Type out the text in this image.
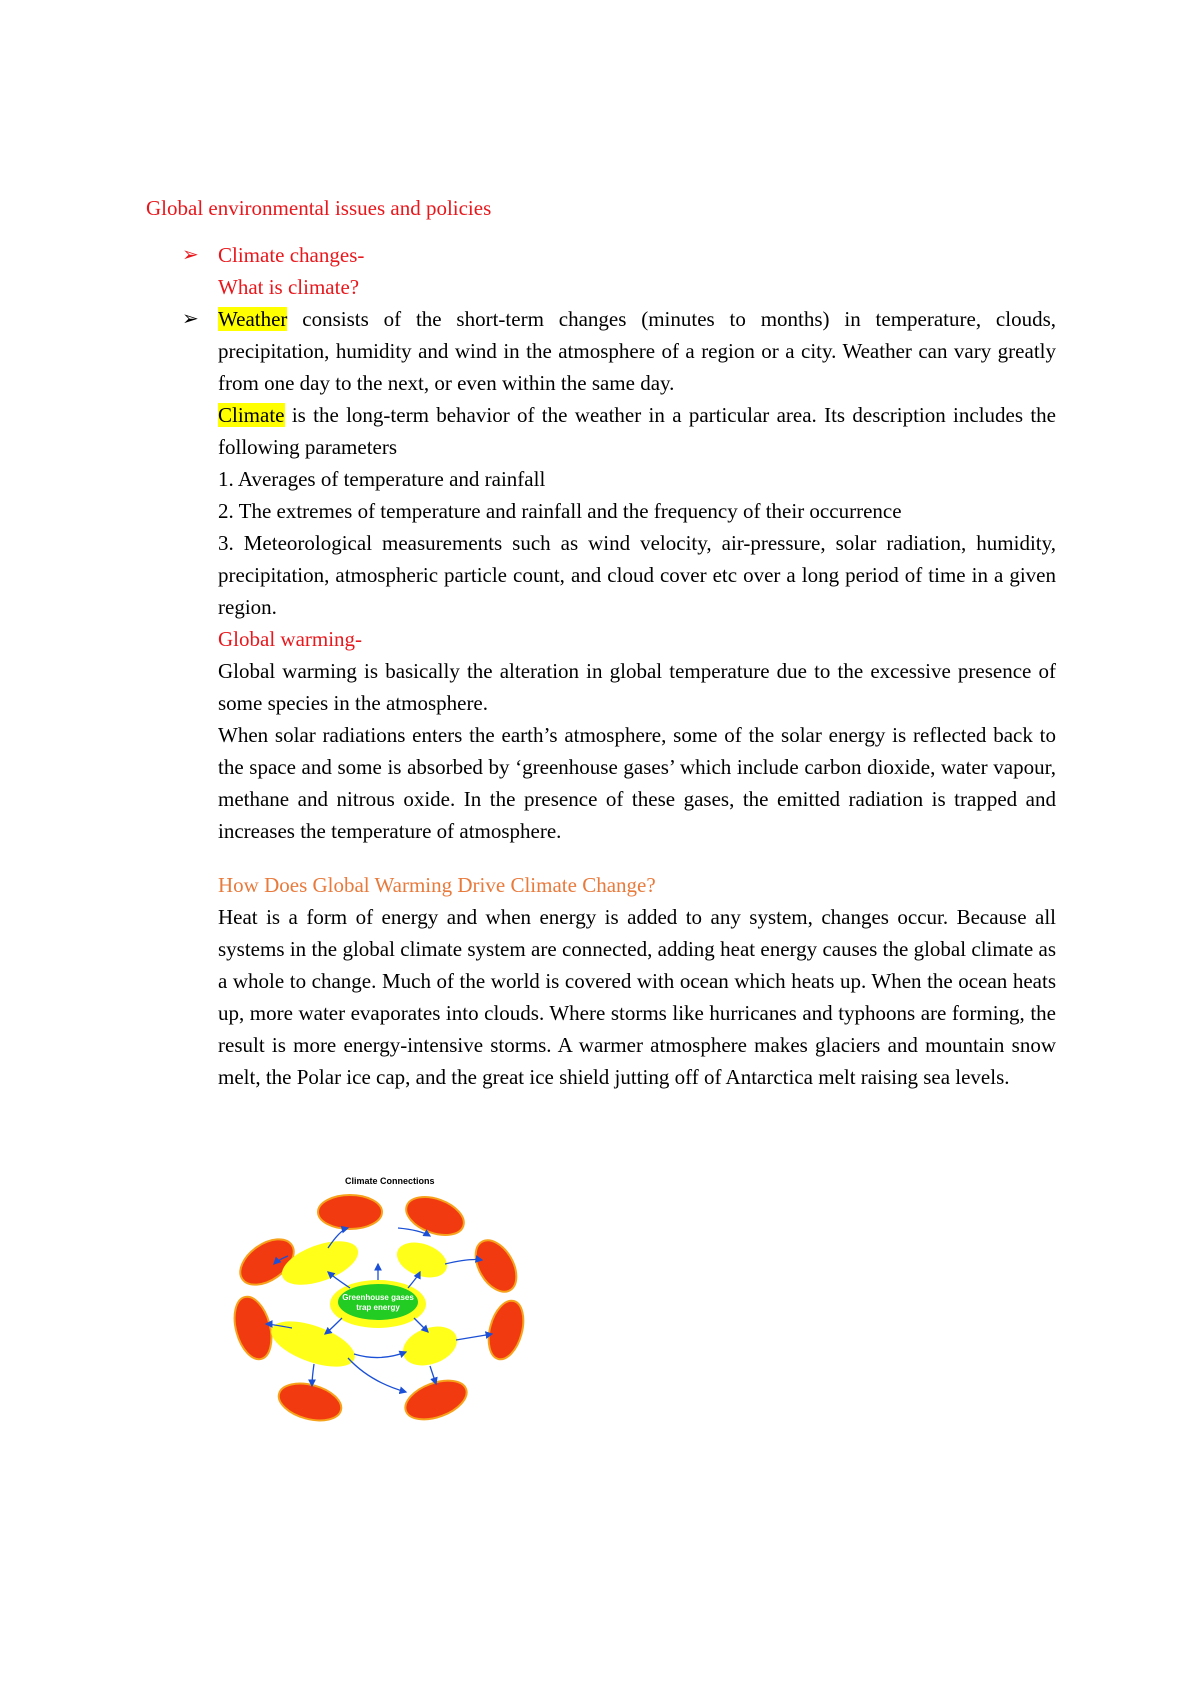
Global environmental issues and policies
➢ Climate changes-
What is climate?
➢ Weather consists of the short-term changes (minutes to months) in temperature, clouds, precipitation, humidity and wind in the atmosphere of a region or a city. Weather can vary greatly from one day to the next, or even within the same day.

Climate is the long-term behavior of the weather in a particular area. Its description includes the following parameters

1. Averages of temperature and rainfall

2. The extremes of temperature and rainfall and the frequency of their occurrence

3. Meteorological measurements such as wind velocity, air-pressure, solar radiation, humidity, precipitation, atmospheric particle count, and cloud cover etc over a long period of time in a given region.

Global warming-

Global warming is basically the alteration in global temperature due to the excessive presence of some species in the atmosphere.

When solar radiations enters the earth’s atmosphere, some of the solar energy is reflected back to the space and some is absorbed by ‘greenhouse gases’ which include carbon dioxide, water vapour, methane and nitrous oxide. In the presence of these gases, the emitted radiation is trapped and increases the temperature of atmosphere.

How Does Global Warming Drive Climate Change?

Heat is a form of energy and when energy is added to any system, changes occur. Because all systems in the global climate system are connected, adding heat energy causes the global climate as a whole to change. Much of the world is covered with ocean which heats up. When the ocean heats up, more water evaporates into clouds. Where storms like hurricanes and typhoons are forming, the result is more energy-intensive storms. A warmer atmosphere makes glaciers and mountain snow melt, the Polar ice cap, and the great ice shield jutting off of Antarctica melt raising sea levels.

Climate Connections
Greenhouse gases
trap energy
